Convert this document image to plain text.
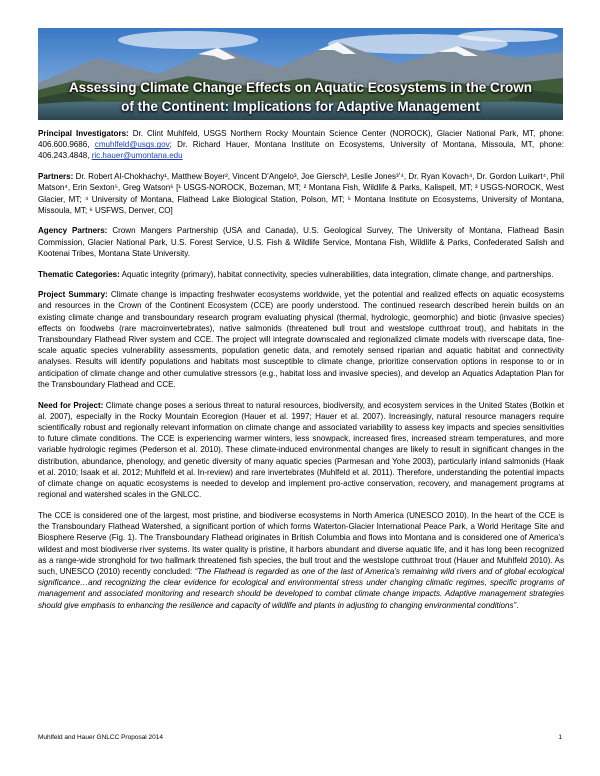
Assessing Climate Change Effects on Aquatic Ecosystems in the Crown
of the Continent: Implications for Adaptive Management

Principal Investigators: Dr. Clint Muhlfeld, USGS Northern Rocky Mountain Science Center (NOROCK), Glacier National Park, MT, phone: 406.600.9686, cmuhlfeld@usgs.gov; Dr. Richard Hauer, Montana Institute on Ecosystems, University of Montana, Missoula, MT, phone: 406.243.4848, ric.hauer@umontana.edu

Partners: Dr. Robert Al-Chokhachy¹, Matthew Boyer², Vincent D’Angelo³, Joe Giersch³, Leslie Jones³ʼ⁴, Dr. Ryan Kovach⁴, Dr. Gordon Luikart⁴, Phil Matson⁴, Erin Sexton⁵, Greg Watson⁶ [¹ USGS-NOROCK, Bozeman, MT; ² Montana Fish, Wildlife & Parks, Kalispell, MT; ³ USGS-NOROCK, West Glacier, MT; ⁴ University of Montana, Flathead Lake Biological Station, Polson, MT; ⁵ Montana Institute on Ecosystems, University of Montana, Missoula, MT; ⁶ USFWS, Denver, CO]

Agency Partners: Crown Mangers Partnership (USA and Canada), U.S. Geological Survey, The University of Montana, Flathead Basin Commission, Glacier National Park, U.S. Forest Service, U.S. Fish & Wildlife Service, Montana Fish, Wildlife & Parks, Confederated Salish and Kootenai Tribes, Montana State University.

Thematic Categories: Aquatic integrity (primary), habitat connectivity, species vulnerabilities, data integration, climate change, and partnerships.

Project Summary: Climate change is impacting freshwater ecosystems worldwide, yet the potential and realized effects on aquatic ecosystems and resources in the Crown of the Continent Ecosystem (CCE) are poorly understood. The continued research described herein builds on an existing climate change and transboundary research program evaluating physical (thermal, hydrologic, geomorphic) and biotic (invasive species) effects on foodwebs (rare macroinvertebrates), native salmonids (threatened bull trout and westslope cutthroat trout), and habitats in the Transboundary Flathead River system and CCE. The project will integrate downscaled and regionalized climate models with riverscape data, fine-scale aquatic species vulnerability assessments, population genetic data, and remotely sensed riparian and aquatic habitat and connectivity analyses. Results will identify populations and habitats most susceptible to climate change, prioritize conservation options in response to or in anticipation of climate change and other cumulative stressors (e.g., habitat loss and invasive species), and develop an Aquatics Adaptation Plan for the Transboundary Flathead and CCE.

Need for Project: Climate change poses a serious threat to natural resources, biodiversity, and ecosystem services in the United States (Botkin et al. 2007), especially in the Rocky Mountain Ecoregion (Hauer et al. 1997; Hauer et al. 2007). Increasingly, natural resource managers require scientifically robust and regionally relevant information on climate change and associated variability to assess key impacts and species sensitivities to future climate conditions. The CCE is experiencing warmer winters, less snowpack, increased fires, increased stream temperatures, and more variable hydrologic regimes (Pederson et al. 2010). These climate-induced environmental changes are likely to result in significant changes in the distribution, abundance, phenology, and genetic diversity of many aquatic species (Parmesan and Yohe 2003), particularly inland salmonids (Haak et al. 2010; Isaak et al. 2012; Muhlfeld et al. In-review) and rare invertebrates (Muhlfeld et al. 2011). Therefore, understanding the potential impacts of climate change on aquatic ecosystems is needed to develop and implement pro-active conservation, recovery, and management programs at regional and watershed scales in the GNLCC.

The CCE is considered one of the largest, most pristine, and biodiverse ecosystems in North America (UNESCO 2010). In the heart of the CCE is the Transboundary Flathead Watershed, a significant portion of which forms Waterton-Glacier International Peace Park, a World Heritage Site and Biosphere Reserve (Fig. 1). The Transboundary Flathead originates in British Columbia and flows into Montana and is considered one of America’s wildest and most biodiverse river systems. Its water quality is pristine, it harbors abundant and diverse aquatic life, and it has long been recognized as a range-wide stronghold for two hallmark threatened fish species, the bull trout and the westslope cutthroat trout (Hauer and Muhlfeld 2010). As such, UNESCO (2010) recently concluded: “The Flathead is regarded as one of the last of America’s remaining wild rivers and of global ecological significance…and recognizing the clear evidence for ecological and environmental stress under changing climatic regimes, specific programs of management and associated monitoring and research should be developed to combat climate change impacts. Adaptive management strategies should give emphasis to enhancing the resilience and capacity of wildlife and plants in adjusting to changing environmental conditions”.

Muhlfeld and Hauer GNLCC Proposal 2014	1
